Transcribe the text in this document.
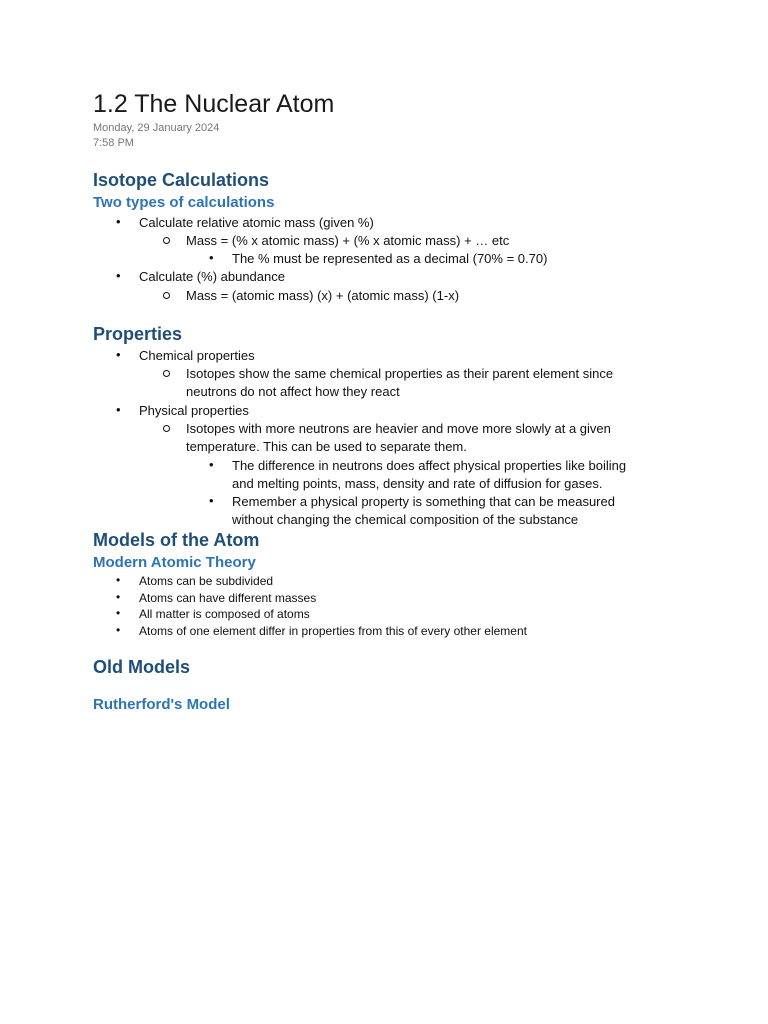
1.2 The Nuclear Atom
Monday, 29 January 2024
7:58 PM
Isotope Calculations
Two types of calculations
• Calculate relative atomic mass (given %)
Mass = (% x atomic mass) + (% x atomic mass) + … etc
• The % must be represented as a decimal (70% = 0.70)
• Calculate (%) abundance
Mass = (atomic mass) (x) + (atomic mass) (1-x)
Properties
• Chemical properties
Isotopes show the same chemical properties as their parent element since
neutrons do not affect how they react
• Physical properties
Isotopes with more neutrons are heavier and move more slowly at a given
temperature. This can be used to separate them.
• The difference in neutrons does affect physical properties like boiling
and melting points, mass, density and rate of diffusion for gases.
• Remember a physical property is something that can be measured
without changing the chemical composition of the substance
Models of the Atom
Modern Atomic Theory
• Atoms can be subdivided
• Atoms can have different masses
• All matter is composed of atoms
• Atoms of one element differ in properties from this of every other element
Old Models
Rutherford's Model
